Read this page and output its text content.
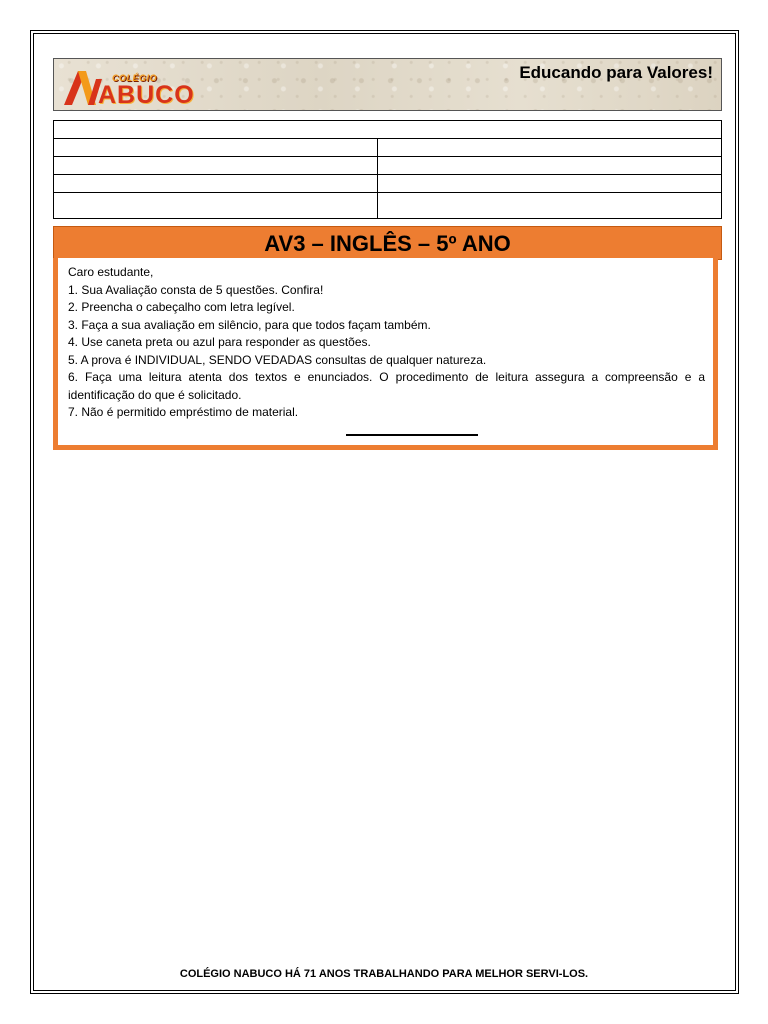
COLÉGIO
ABUCO
Educando para Valores!

AV3 – INGLÊS – 5º ANO

Caro estudante,

1. Sua Avaliação consta de 5 questões. Confira!

2. Preencha o cabeçalho com letra legível.

3. Faça a sua avaliação em silêncio, para que todos façam também.

4. Use caneta preta ou azul para responder as questões.

5. A prova é INDIVIDUAL, SENDO VEDADAS consultas de qualquer natureza.

6. Faça uma leitura atenta dos textos e enunciados. O procedimento de leitura assegura a compreensão e a identificação do que é solicitado.

7. Não é permitido empréstimo de material.

COLÉGIO NABUCO HÁ 71 ANOS TRABALHANDO PARA MELHOR SERVI-LOS.
